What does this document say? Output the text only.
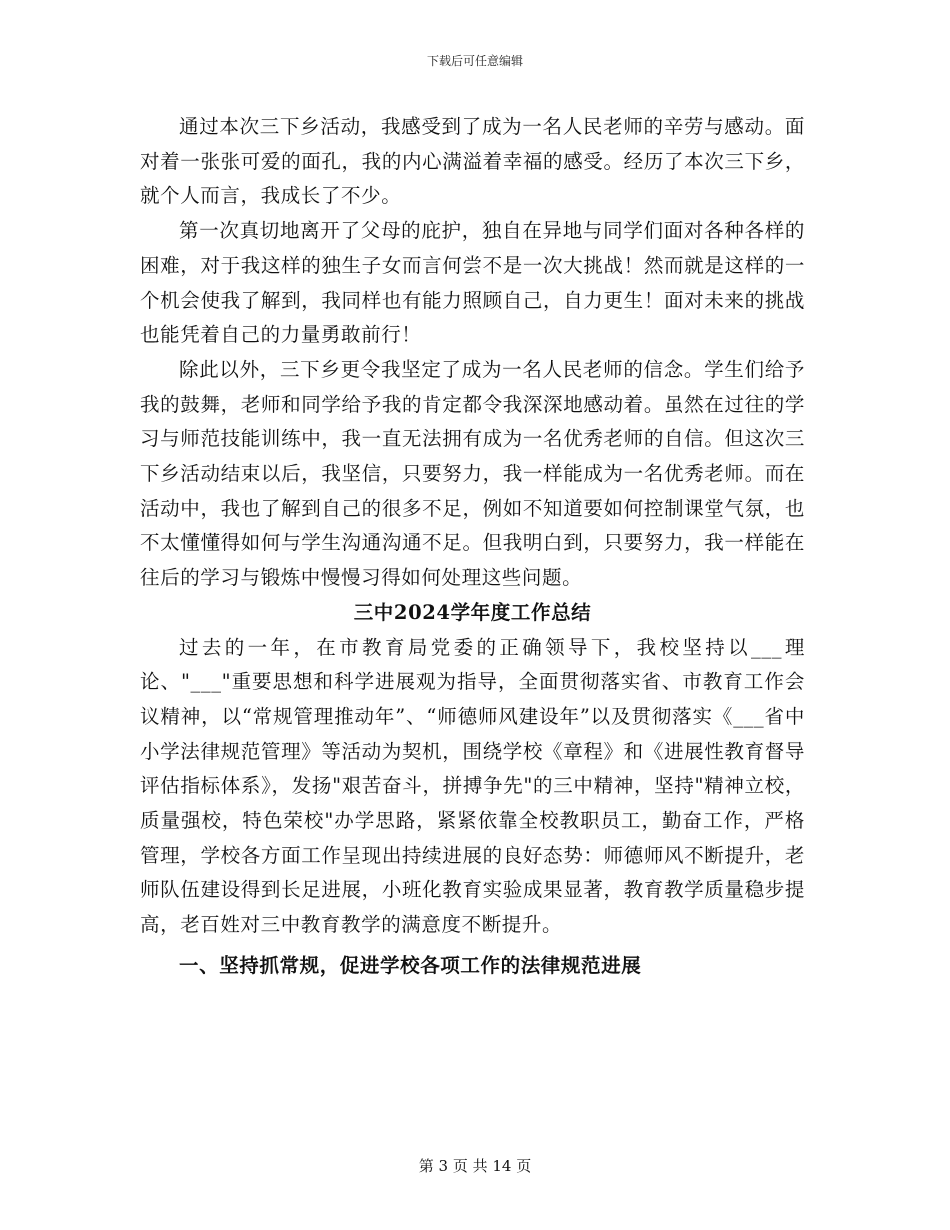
下载后可任意编辑

通过本次三下乡活动，我感受到了成为一名人民老师的辛劳与感动。面对着一张张可爱的面孔，我的内心满溢着幸福的感受。经历了本次三下乡，就个人而言，我成长了不少。

第一次真切地离开了父母的庇护，独自在异地与同学们面对各种各样的困难，对于我这样的独生子女而言何尝不是一次大挑战！然而就是这样的一个机会使我了解到，我同样也有能力照顾自己，自力更生！面对未来的挑战也能凭着自己的力量勇敢前行！

除此以外，三下乡更令我坚定了成为一名人民老师的信念。学生们给予我的鼓舞，老师和同学给予我的肯定都令我深深地感动着。虽然在过往的学习与师范技能训练中，我一直无法拥有成为一名优秀老师的自信。但这次三下乡活动结束以后，我坚信，只要努力，我一样能成为一名优秀老师。而在活动中，我也了解到自己的很多不足，例如不知道要如何控制课堂气氛，也不太懂懂得如何与学生沟通沟通不足。但我明白到，只要努力，我一样能在往后的学习与锻炼中慢慢习得如何处理这些问题。

三中2024学年度工作总结

过去的一年，在市教育局党委的正确领导下，我校坚持以___理论、"___"重要思想和科学进展观为指导，全面贯彻落实省、市教育工作会议精神，以“常规管理推动年”、“师德师风建设年”以及贯彻落实《___省中小学法律规范管理》等活动为契机，围绕学校《章程》和《进展性教育督导评估指标体系》，发扬"艰苦奋斗，拼搏争先"的三中精神，坚持"精神立校，质量强校，特色荣校"办学思路，紧紧依靠全校教职员工，勤奋工作，严格管理，学校各方面工作呈现出持续进展的良好态势：师德师风不断提升，老师队伍建设得到长足进展，小班化教育实验成果显著，教育教学质量稳步提高，老百姓对三中教育教学的满意度不断提升。

一、坚持抓常规，促进学校各项工作的法律规范进展

第 3 页 共 14 页
